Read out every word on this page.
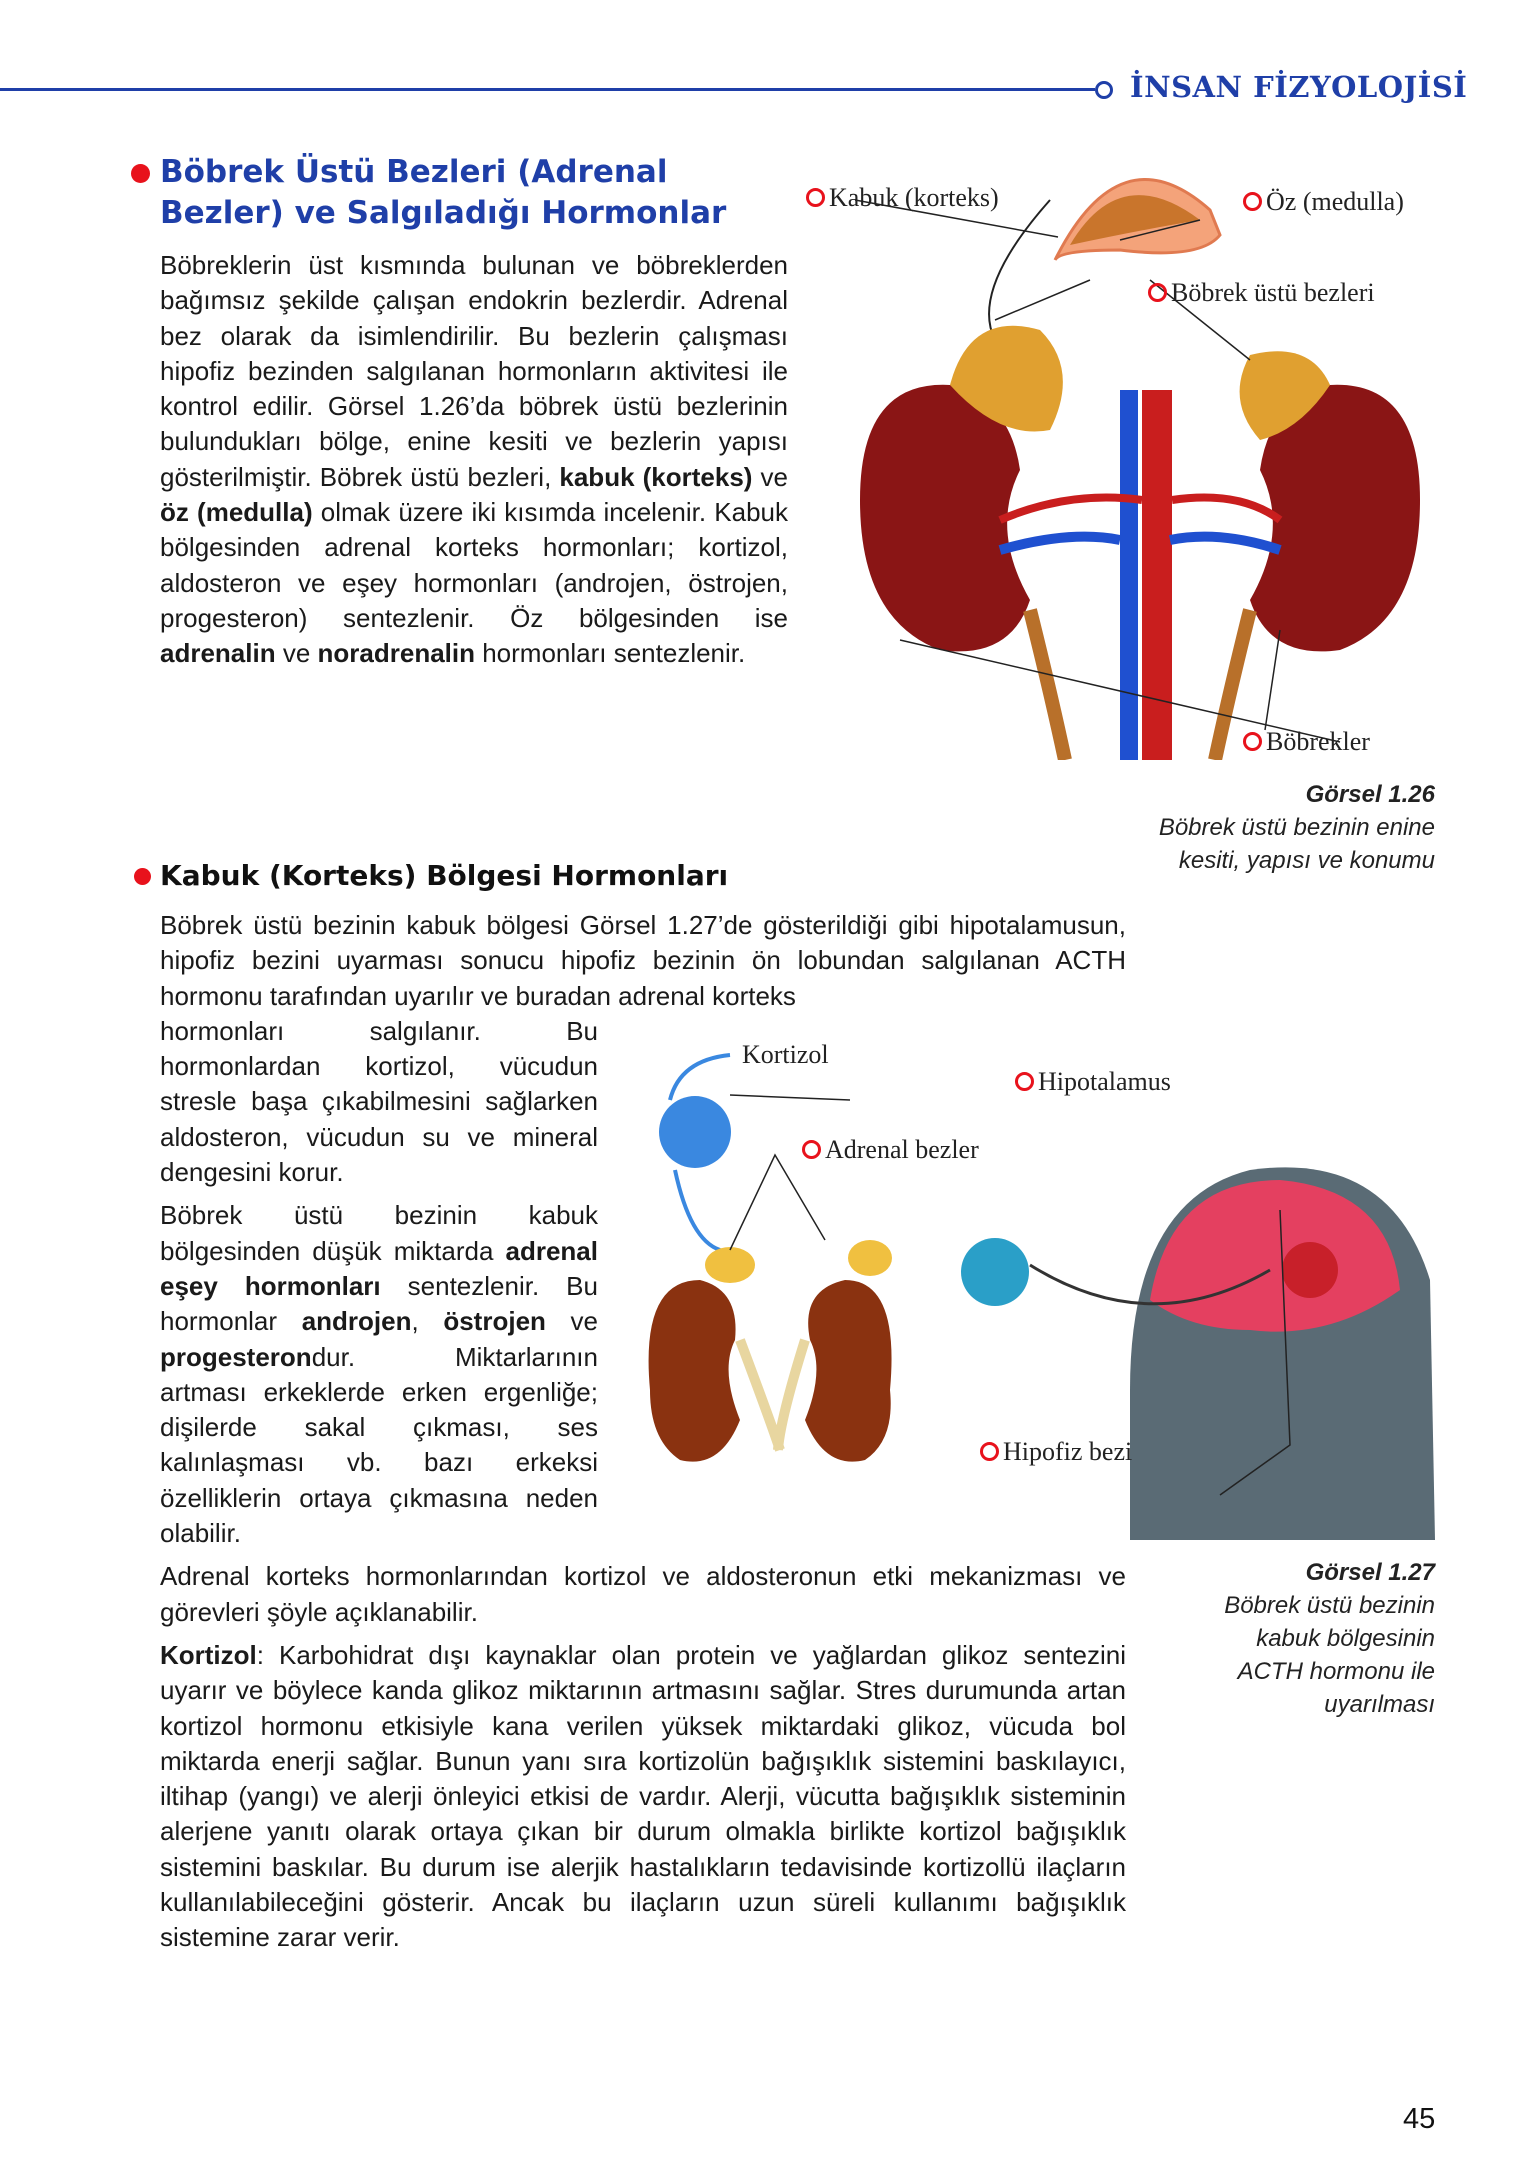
İNSAN FİZYOLOJİSİ
Böbrek Üstü Bezleri (Adrenal Bezler) ve Salgıladığı Hormonlar
Böbreklerin üst kısmında bulunan ve böbreklerden bağımsız şekilde çalışan endokrin bezlerdir. Adrenal bez olarak da isimlendirilir. Bu bezlerin çalışması hipofiz bezinden salgılanan hormonların aktivitesi ile kontrol edilir. Görsel 1.26’da böbrek üstü bezlerinin bulundukları bölge, enine kesiti ve bezlerin yapısı gösterilmiştir. Böbrek üstü bezleri, kabuk (korteks) ve öz (medulla) olmak üzere iki kısımda incelenir. Kabuk bölgesinden adrenal korteks hormonları; kortizol, aldosteron ve eşey hormonları (androjen, östrojen, progesteron) sentezlenir. Öz bölgesinden ise adrenalin ve noradrenalin hormonları sentezlenir.
Kabuk (korteks)	Öz (medulla)
Böbrek üstü bezleri
Böbrekler
Görsel 1.26
Böbrek üstü bezinin enine kesiti, yapısı ve konumu
Kabuk (Korteks) Bölgesi Hormonları

Böbrek üstü bezinin kabuk bölgesi Görsel 1.27’de gösterildiği gibi hipotalamusun, hipofiz bezini uyarması sonucu hipofiz bezinin ön lobundan salgılanan ACTH hormonu tarafından uyarılır ve buradan adrenal korteks

hormonları salgılanır. Bu hormonlardan kortizol, vücudun stresle başa çıkabilmesini sağlarken aldosteron, vücudun su ve mineral dengesini korur.

Böbrek üstü bezinin kabuk bölgesinden düşük miktarda adrenal eşey hormonları sentezlenir. Bu hormonlar androjen, östrojen ve progesterondur. Miktarlarının artması erkeklerde erken ergenliğe; dişilerde sakal çıkması, ses kalınlaşması vb. bazı erkeksi özelliklerin ortaya çıkmasına neden olabilir.

Adrenal korteks hormonlarından kortizol ve aldosteronun etki mekanizması ve görevleri şöyle açıklanabilir.

Kortizol: Karbohidrat dışı kaynaklar olan protein ve yağlardan glikoz sentezini uyarır ve böylece kanda glikoz miktarının artmasını sağlar. Stres durumunda artan kortizol hormonu etkisiyle kana verilen yüksek miktardaki glikoz, vücuda bol miktarda enerji sağlar. Bunun yanı sıra kortizolün bağışıklık sistemini baskılayıcı, iltihap (yangı) ve alerji önleyici etkisi de vardır. Alerji, vücutta bağışıklık sisteminin alerjene yanıtı olarak ortaya çıkan bir durum olmakla birlikte kortizol bağışıklık sistemini baskılar. Bu durum ise alerjik hastalıkların tedavisinde kortizollü ilaçların kullanılabileceğini gösterir. Ancak bu ilaçların uzun süreli kullanımı bağışıklık sistemine zarar verir.

Kortizol
Hipotalamus
Adrenal bezler
Hipofiz bezi
Görsel 1.27
Böbrek üstü bezinin kabuk bölgesinin ACTH hormonu ile uyarılması
45
